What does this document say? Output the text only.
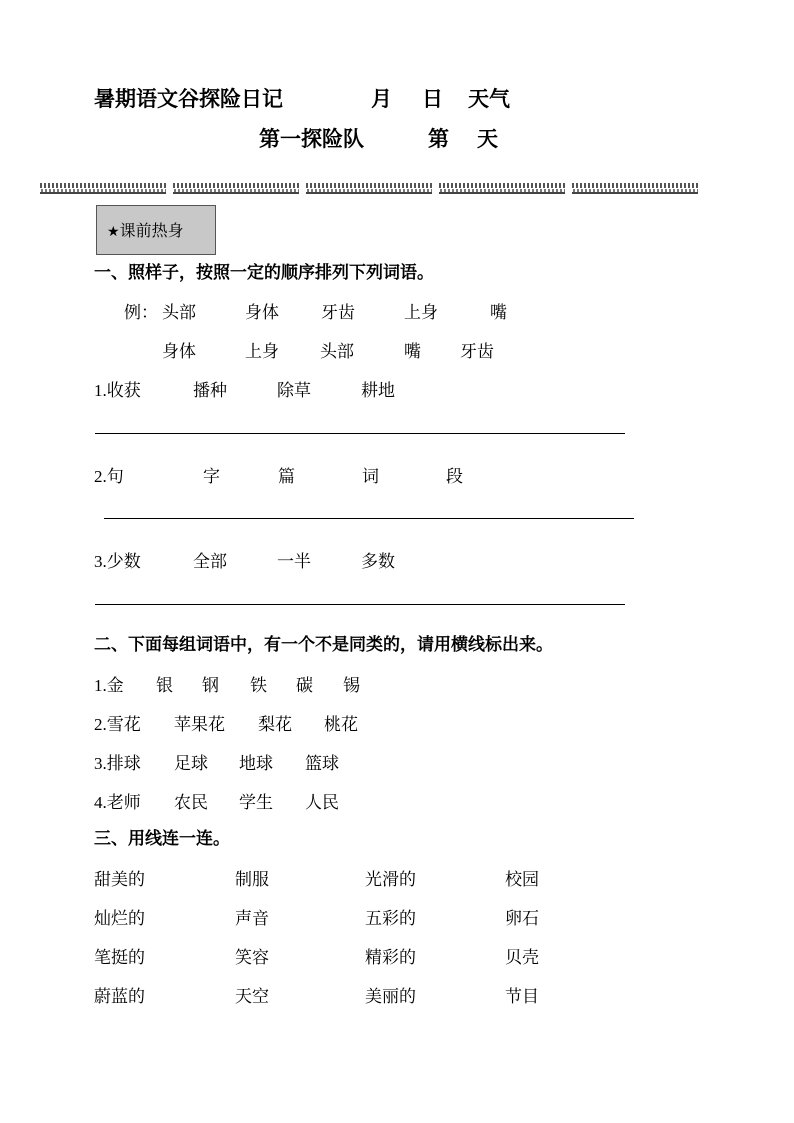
暑期语文谷探险日记	月 日 天气
第一探险队	第 天
★课前热身
一、照样子，按照一定的顺序排列下列词语。
例： 头部	身体 牙齿	上身	嘴
身体	上身 头部	嘴 牙齿
1.收获	播种	除草	耕地
2.句	字	篇	词	段
3.少数	全部	一半	多数
二、下面每组词语中，有一个不是同类的，请用横线标出来。
1.金 银 钢 铁 碳 锡
2.雪花 苹果花 梨花 桃花
3.排球 足球 地球 篮球
4.老师 农民 学生 人民
三、用线连一连。
甜美的	制服	光滑的	校园
灿烂的	声音	五彩的	卵石
笔挺的	笑容	精彩的	贝壳
蔚蓝的	天空	美丽的	节目
